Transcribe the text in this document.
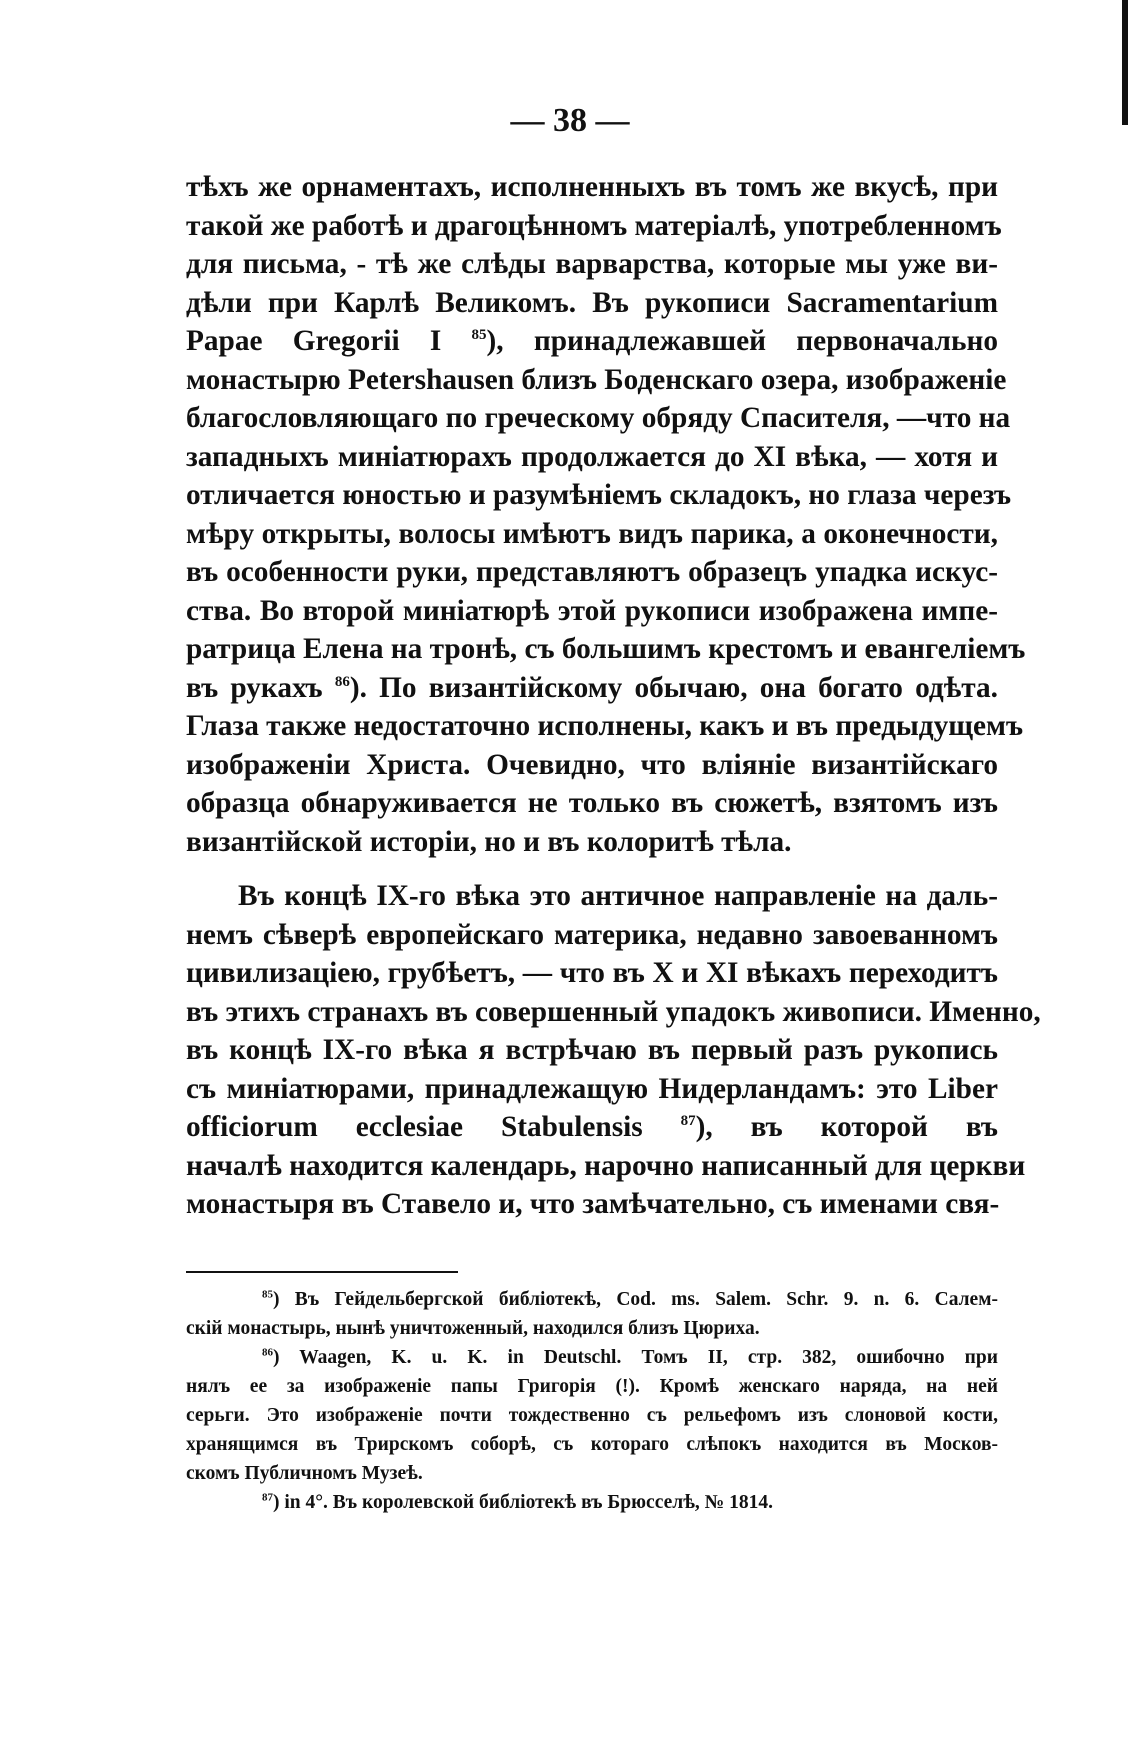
— 38 —
тѣхъ же орнаментахъ, исполненныхъ въ томъ же вкусѣ, при
такой же работѣ и драгоцѣнномъ матеріалѣ, употребленномъ
для письма, - тѣ же слѣды варварства, которые мы уже ви-
дѣли при Карлѣ Великомъ. Въ рукописи Sacramentarium
Papae Gregorii I $^{85}$), принадлежавшей первоначально
монастырю Petershausen близъ Боденскаго озера, изображеніе
благословляющаго по греческому обряду Спасителя, —что на
западныхъ миніатюрахъ продолжается до XI вѣка, — хотя и
отличается юностью и разумѣніемъ складокъ, но глаза черезъ
мѣру открыты, волосы имѣютъ видъ парика, а оконечности,
въ особенности руки, представляютъ образецъ упадка искус-
ства. Во второй миніатюрѣ этой рукописи изображена импе-
ратрица Елена на тронѣ, съ большимъ крестомъ и евангеліемъ
въ рукахъ $^{86}$). По византійскому обычаю, она богато одѣта.
Глаза также недостаточно исполнены, какъ и въ предыдущемъ
изображеніи Христа. Очевидно, что вліяніе византійскаго
образца обнаруживается не только въ сюжетѣ, взятомъ изъ
византійской исторіи, но и въ колоритѣ тѣла.
Въ концѣ IX-го вѣка это античное направленіе на даль-
немъ сѣверѣ европейскаго материка, недавно завоеванномъ
цивилизаціею, грубѣетъ, — что въ X и XI вѣкахъ переходитъ
въ этихъ странахъ въ совершенный упадокъ живописи. Именно,
въ концѣ IX-го вѣка я встрѣчаю въ первый разъ рукопись
съ миніатюрами, принадлежащую Нидерландамъ: это Liber
officiorum ecclesiae Stabulensis $^{87}$), въ которой въ
началѣ находится календарь, нарочно написанный для церкви
монастыря въ Ставело и, что замѣчательно, съ именами свя-
$^{85}$) Въ Гейдельбергской библіотекѣ, Cod. ms. Salem. Schr. 9. n. 6. Салем-
скій монастырь, нынѣ уничтоженный, находился близъ Цюриха.
$^{86}$) Waagen, K. u. K. in Deutschl. Томъ II, стр. 382, ошибочно при
нялъ ее за изображеніе папы Григорія (!). Кромѣ женскаго наряда, на ней
серьги. Это изображеніе почти тождественно съ рельефомъ изъ слоновой кости,
хранящимся въ Трирскомъ соборѣ, съ котораго слѣпокъ находится въ Москов-
скомъ Публичномъ Музеѣ.
$^{87}$) in 4°. Въ королевской библіотекѣ въ Брюсселѣ, № 1814.
